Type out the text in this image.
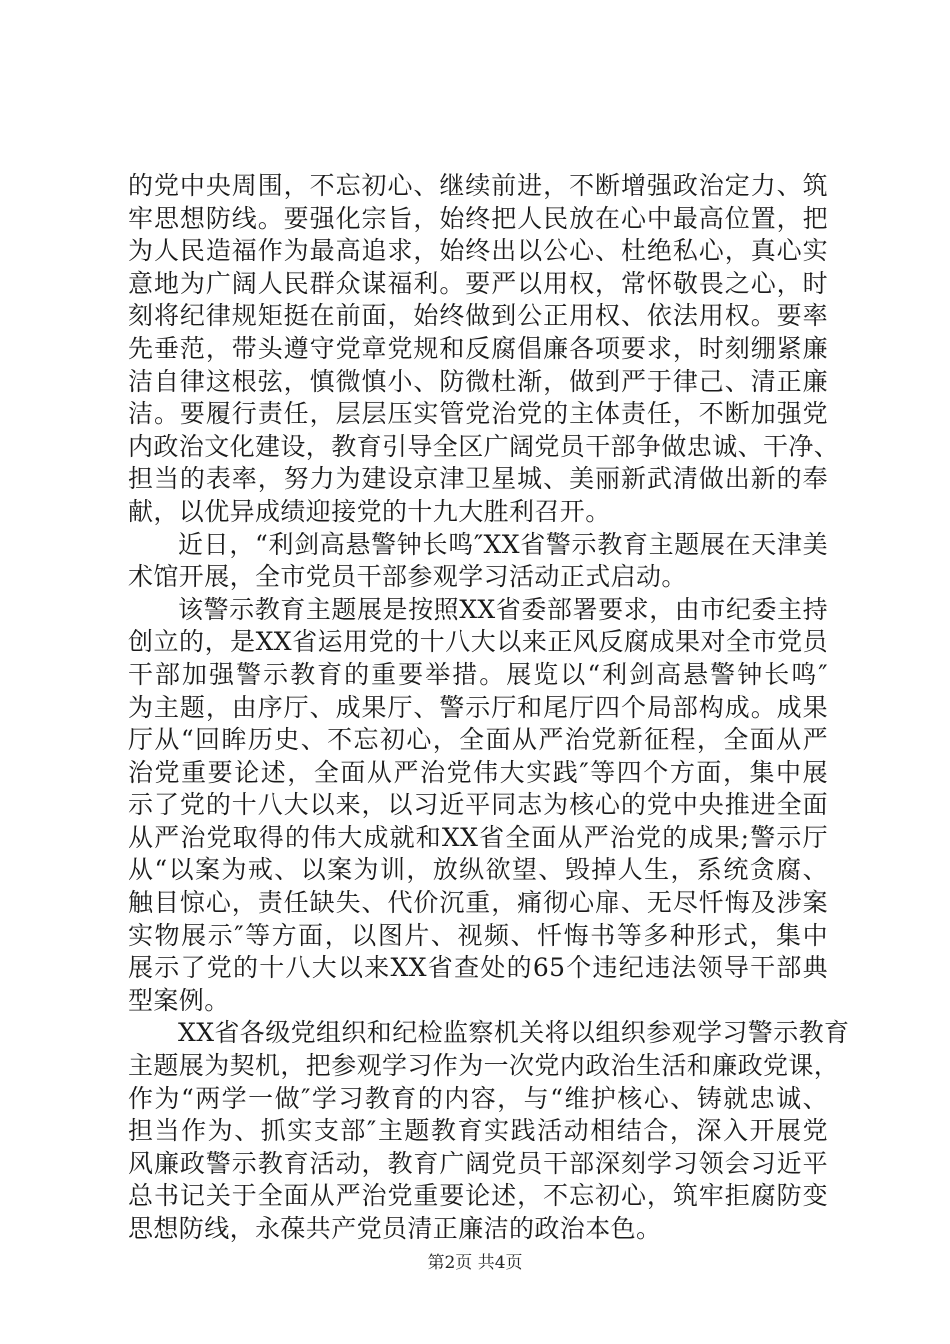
的党中央周围，不忘初心、继续前进，不断增强政治定力、筑
牢思想防线。要强化宗旨，始终把人民放在心中最高位置，把
为人民造福作为最高追求，始终出以公心、杜绝私心，真心实
意地为广阔人民群众谋福利。要严以用权，常怀敬畏之心，时
刻将纪律规矩挺在前面，始终做到公正用权、依法用权。要率
先垂范，带头遵守党章党规和反腐倡廉各项要求，时刻绷紧廉
洁自律这根弦，慎微慎小、防微杜渐，做到严于律己、清正廉
洁。要履行责任，层层压实管党治党的主体责任，不断加强党
内政治文化建设，教育引导全区广阔党员干部争做忠诚、干净、
担当的表率，努力为建设京津卫星城、美丽新武清做出新的奉
献，以优异成绩迎接党的十九大胜利召开。
近日，“利剑高悬警钟长鸣″XX省警示教育主题展在天津美
术馆开展，全市党员干部参观学习活动正式启动。
该警示教育主题展是按照XX省委部署要求，由市纪委主持
创立的，是XX省运用党的十八大以来正风反腐成果对全市党员
干部加强警示教育的重要举措。展览以“利剑高悬警钟长鸣″
为主题，由序厅、成果厅、警示厅和尾厅四个局部构成。成果
厅从“回眸历史、不忘初心，全面从严治党新征程，全面从严
治党重要论述，全面从严治党伟大实践″等四个方面，集中展
示了党的十八大以来，以习近平同志为核心的党中央推进全面
从严治党取得的伟大成就和XX省全面从严治党的成果;警示厅
从“以案为戒、以案为训，放纵欲望、毁掉人生，系统贪腐、
触目惊心，责任缺失、代价沉重，痛彻心扉、无尽忏悔及涉案
实物展示″等方面，以图片、视频、忏悔书等多种形式，集中
展示了党的十八大以来XX省查处的65个违纪违法领导干部典
型案例。
XX省各级党组织和纪检监察机关将以组织参观学习警示教育
主题展为契机，把参观学习作为一次党内政治生活和廉政党课，
作为“两学一做″学习教育的内容，与“维护核心、铸就忠诚、
担当作为、抓实支部″主题教育实践活动相结合，深入开展党
风廉政警示教育活动，教育广阔党员干部深刻学习领会习近平
总书记关于全面从严治党重要论述，不忘初心，筑牢拒腐防变
思想防线，永葆共产党员清正廉洁的政治本色。
第2页 共4页
